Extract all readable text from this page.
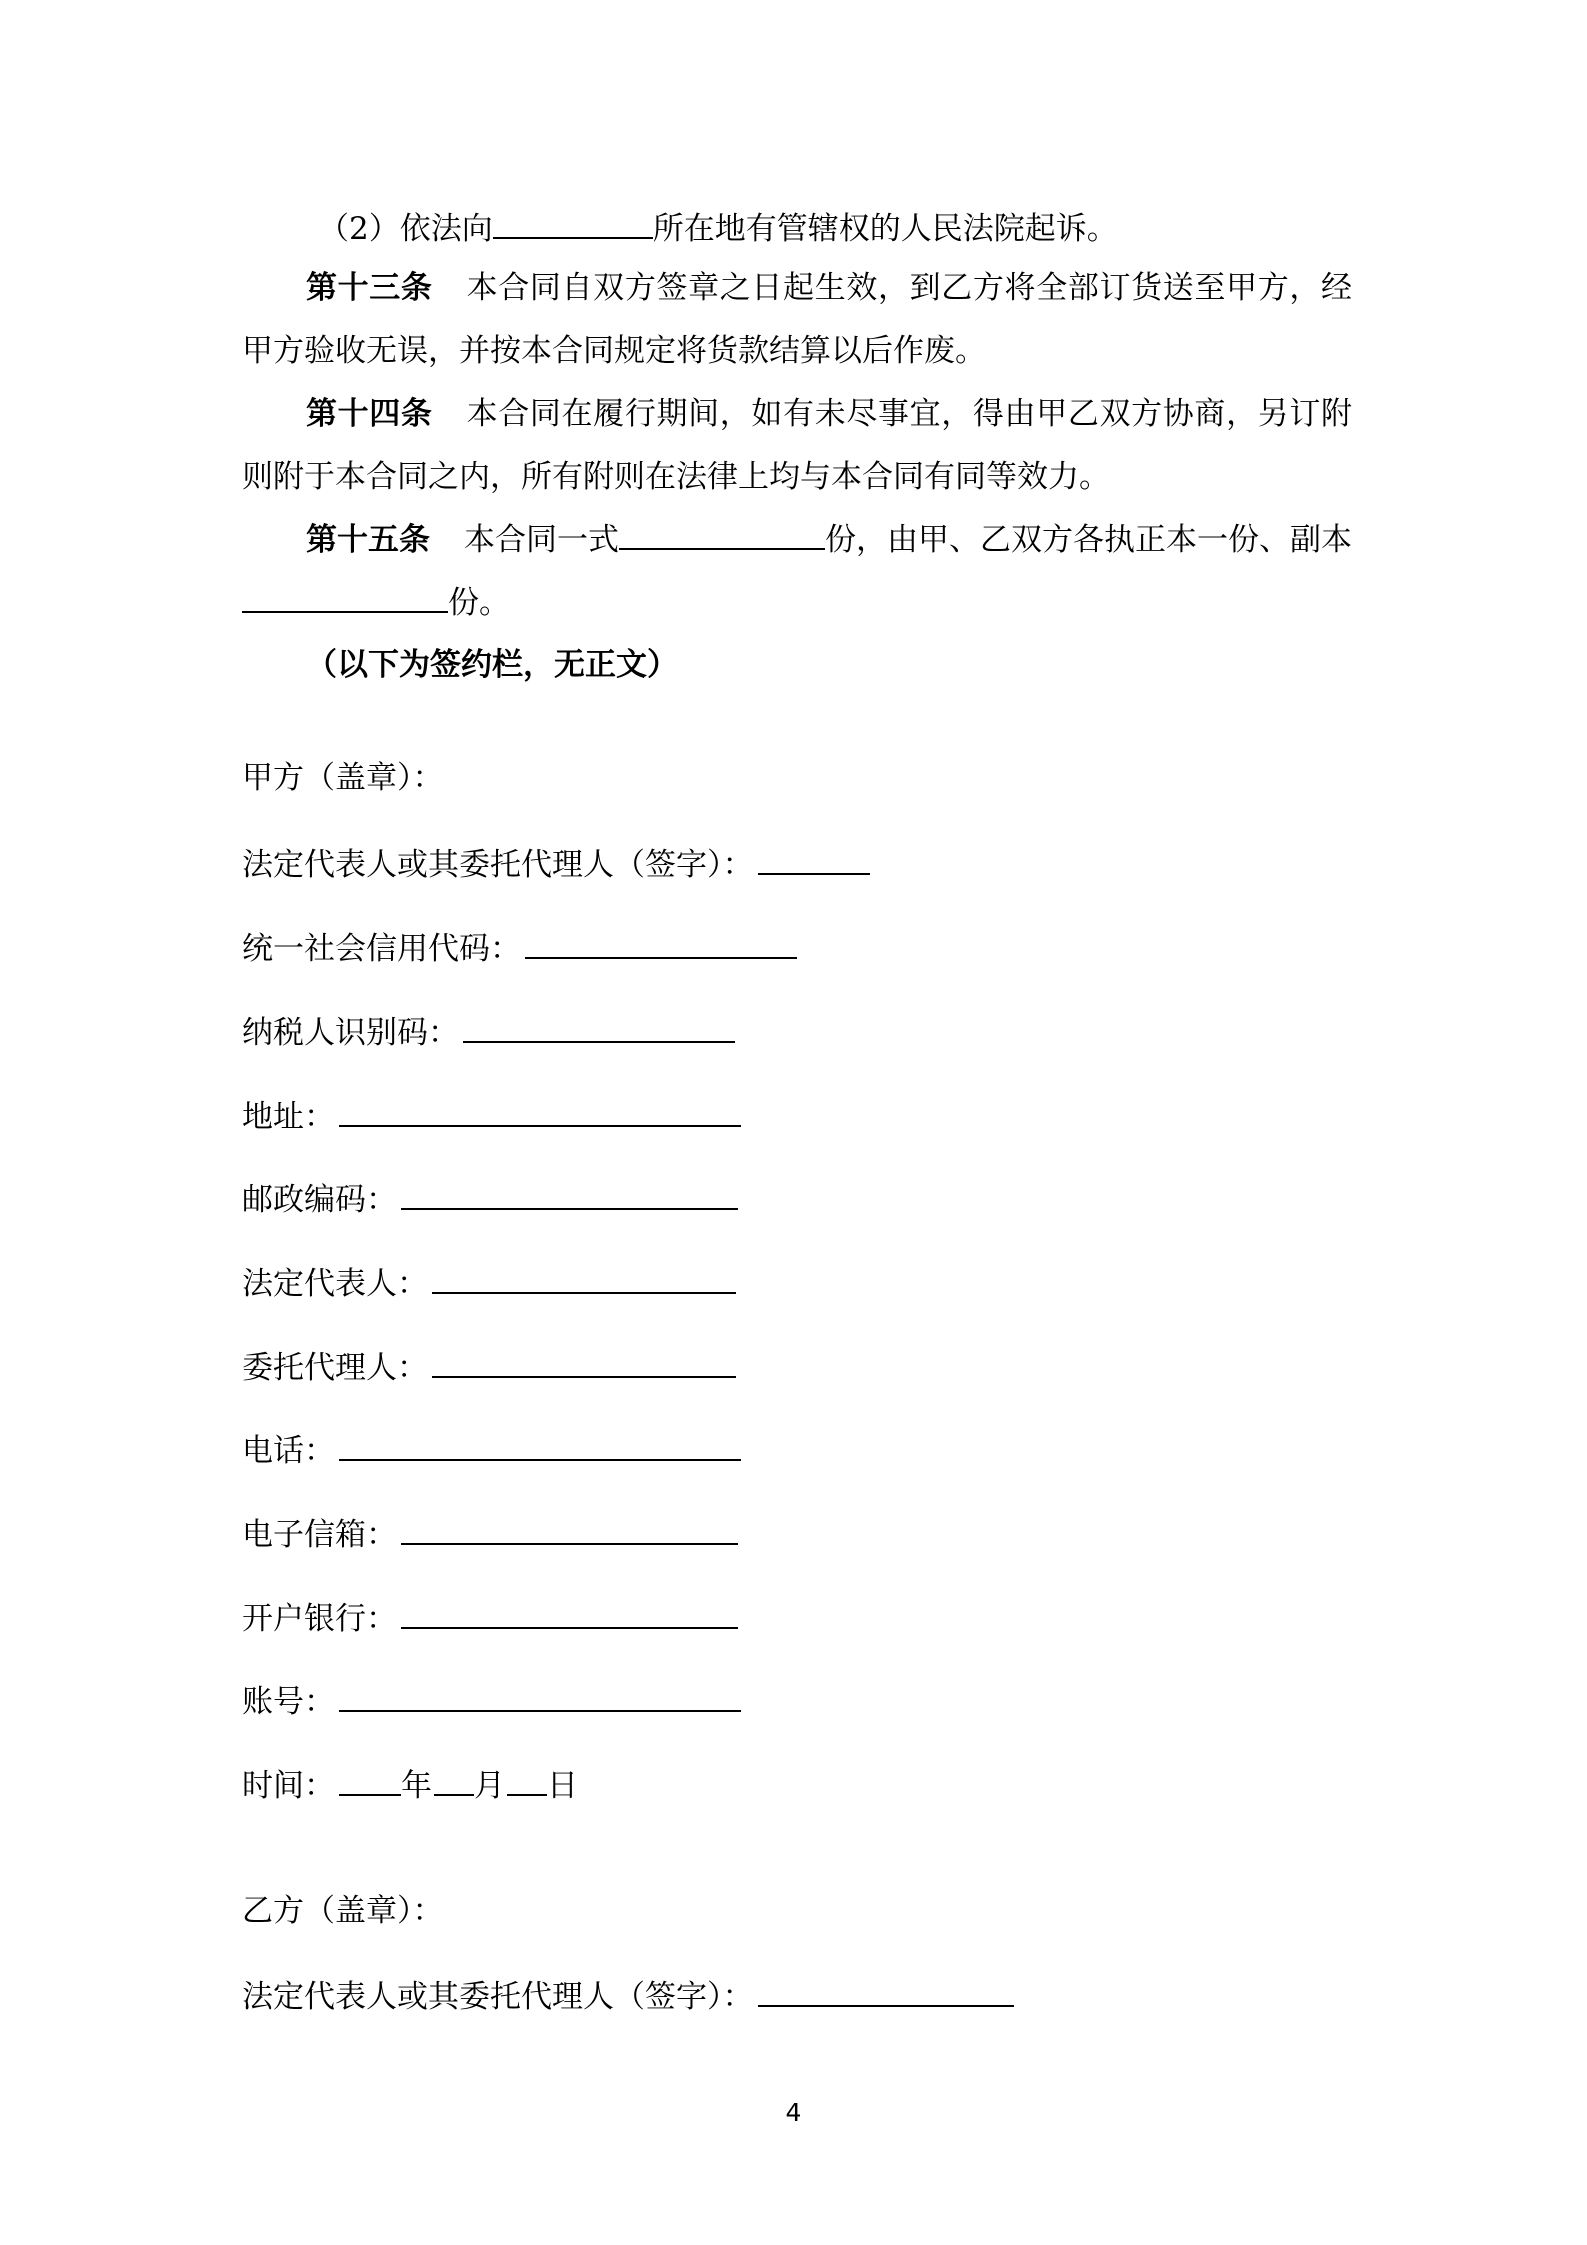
（2）依法向	所在地有管辖权的人民法院起诉。
第十三条 本合同自双方签章之日起生效，到乙方将全部订货送至甲方，经甲方验收无误，并按本合同规定将货款结算以后作废。
第十四条 本合同在履行期间，如有未尽事宜，得由甲乙双方协商，另订附则附于本合同之内，所有附则在法律上均与本合同有同等效力。
第十五条 本合同一式	份，由甲、乙双方各执正本一份、副本份。
（以下为签约栏，无正文）
甲方（盖章）：
法定代表人或其委托代理人（签字）：
统一社会信用代码：
纳税人识别码：
地址：
邮政编码：
法定代表人：
委托代理人：
电话：
电子信箱：
开户银行：
账号：
时间： 年 月 日
乙方（盖章）：
法定代表人或其委托代理人（签字）：
4
